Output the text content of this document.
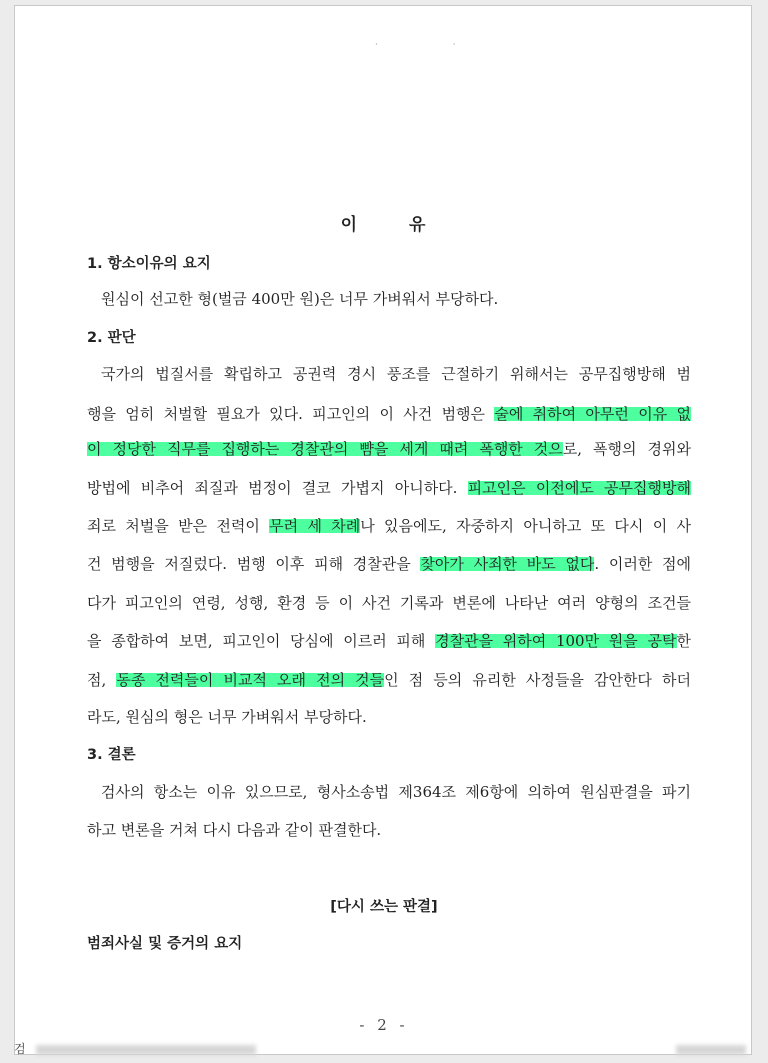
· ·
이	유
1. 항소이유의 요지
원심이 선고한 형(벌금 400만 원)은 너무 가벼워서 부당하다.
2. 판단
국가의 법질서를 확립하고 공권력 경시 풍조를 근절하기 위해서는 공무집행방해 범
행을 엄히 처벌할 필요가 있다. 피고인의 이 사건 범행은 술에 취하여 아무런 이유 없
이 정당한 직무를 집행하는 경찰관의 뺨을 세게 때려 폭행한 것으로, 폭행의 경위와
방법에 비추어 죄질과 범정이 결코 가볍지 아니하다. 피고인은 이전에도 공무집행방해
죄로 처벌을 받은 전력이 무려 세 차례나 있음에도, 자중하지 아니하고 또 다시 이 사
건 범행을 저질렀다. 범행 이후 피해 경찰관을 찾아가 사죄한 바도 없다. 이러한 점에
다가 피고인의 연령, 성행, 환경 등 이 사건 기록과 변론에 나타난 여러 양형의 조건들
을 종합하여 보면, 피고인이 당심에 이르러 피해 경찰관을 위하여 100만 원을 공탁한
점, 동종 전력들이 비교적 오래 전의 것들인 점 등의 유리한 사정들을 감안한다 하더
라도, 원심의 형은 너무 가벼워서 부당하다.
3. 결론
검사의 항소는 이유 있으므로, 형사소송법 제364조 제6항에 의하여 원심판결을 파기
하고 변론을 거쳐 다시 다음과 같이 판결한다.
[다시 쓰는 판결]
범죄사실 및 증거의 요지
- 2 -
검
